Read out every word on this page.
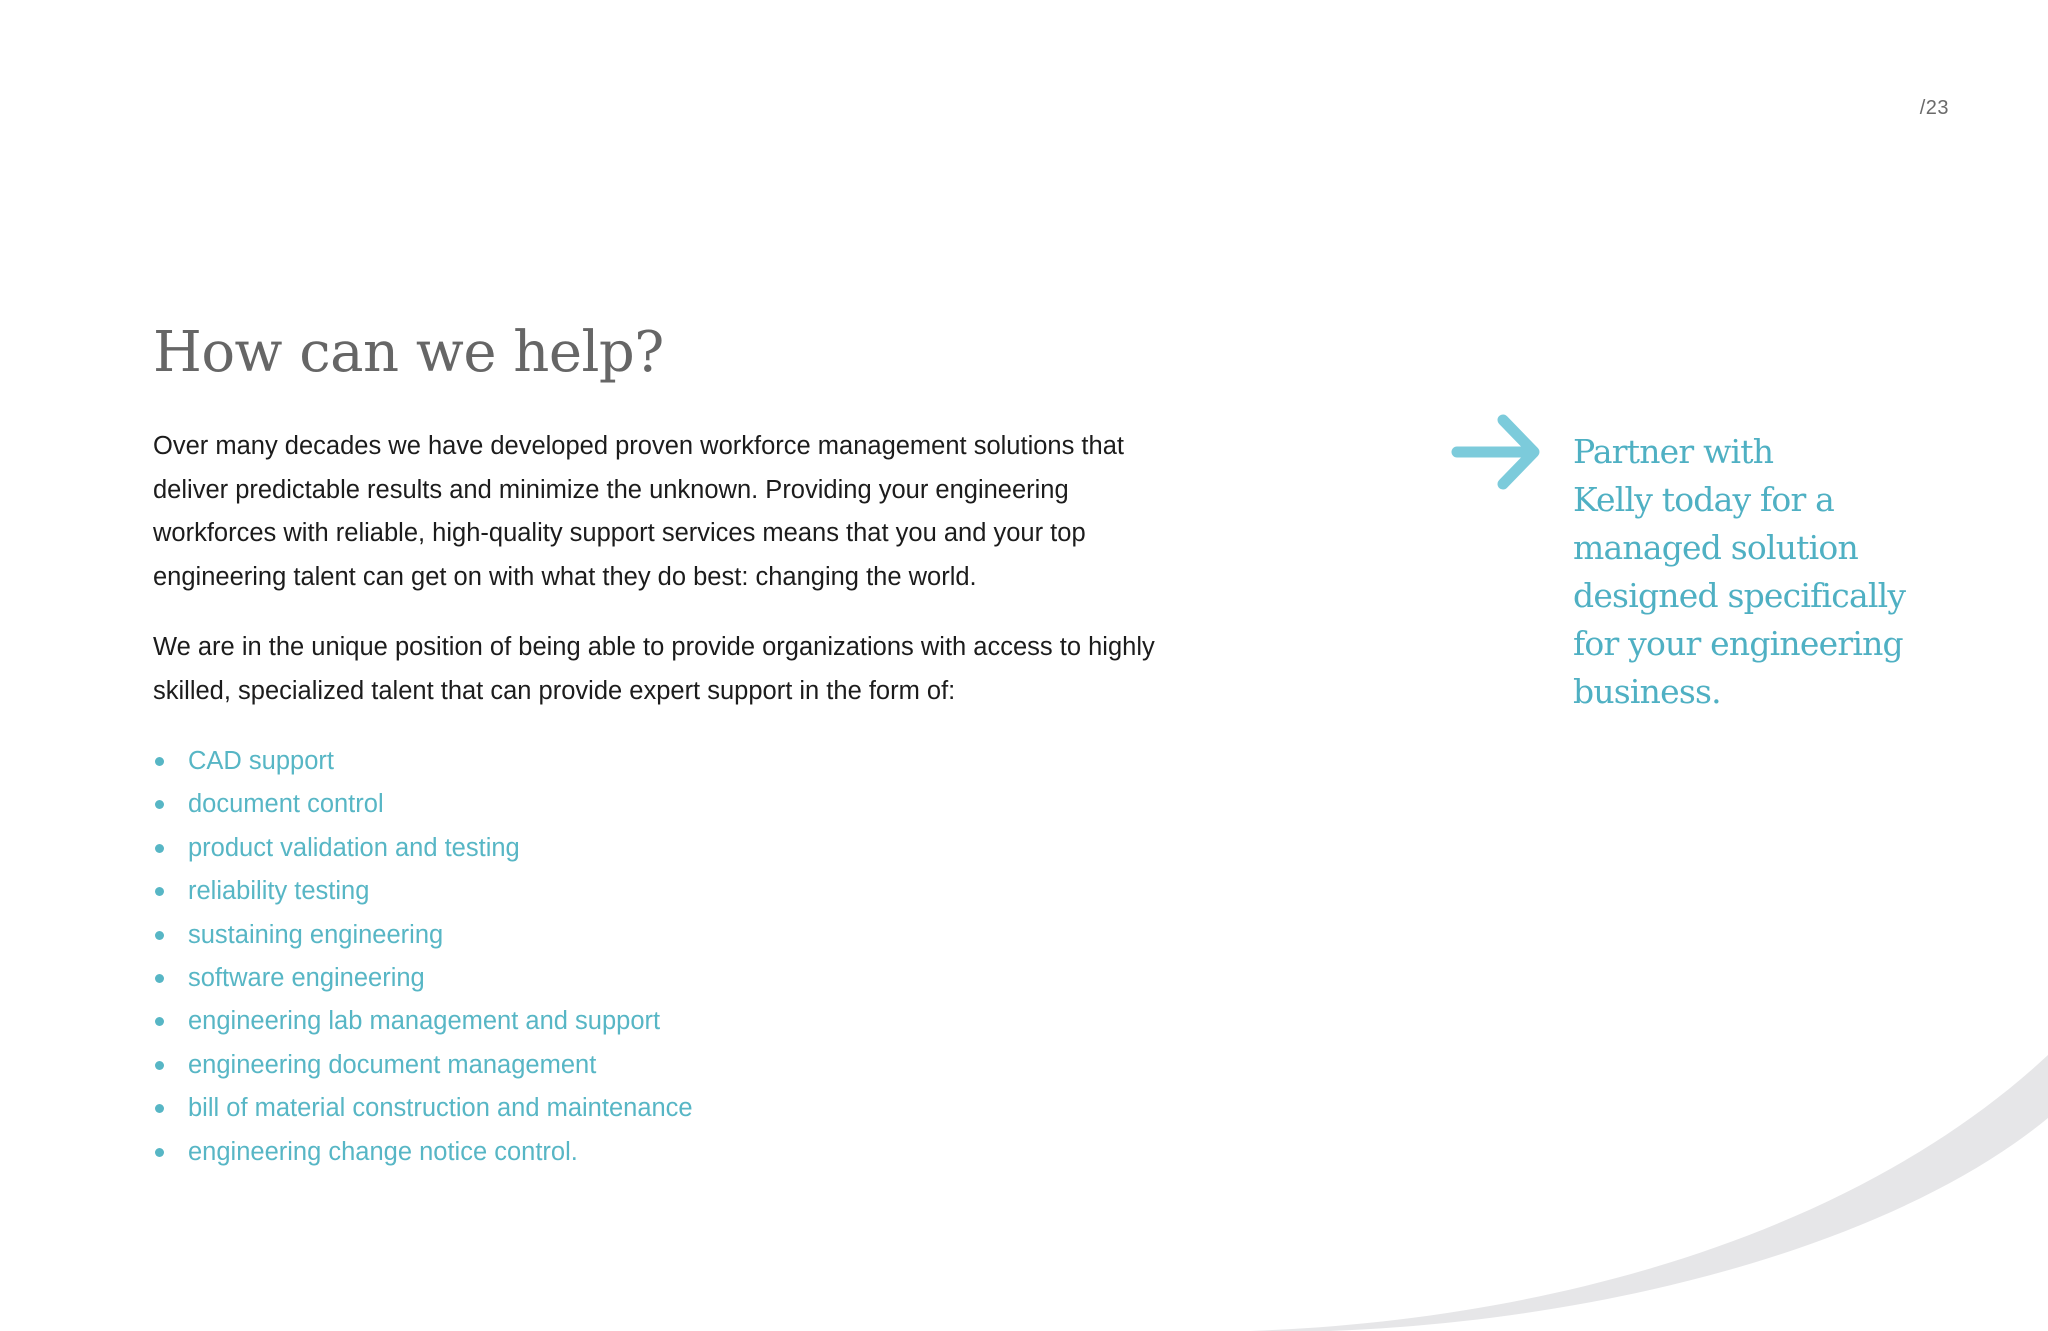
/23
How can we help?

Over many decades we have developed proven workforce management solutions that deliver predictable results and minimize the unknown. Providing your engineering workforces with reliable, high-quality support services means that you and your top engineering talent can get on with what they do best: changing the world.

We are in the unique position of being able to provide organizations with access to highly skilled, specialized talent that can provide expert support in the form of:

CAD support
document control
product validation and testing
reliability testing
sustaining engineering
software engineering
engineering lab management and support
engineering document management
bill of material construction and maintenance
engineering change notice control.

Partner with
Kelly today for a
managed solution
designed specifically
for your engineering
business.
